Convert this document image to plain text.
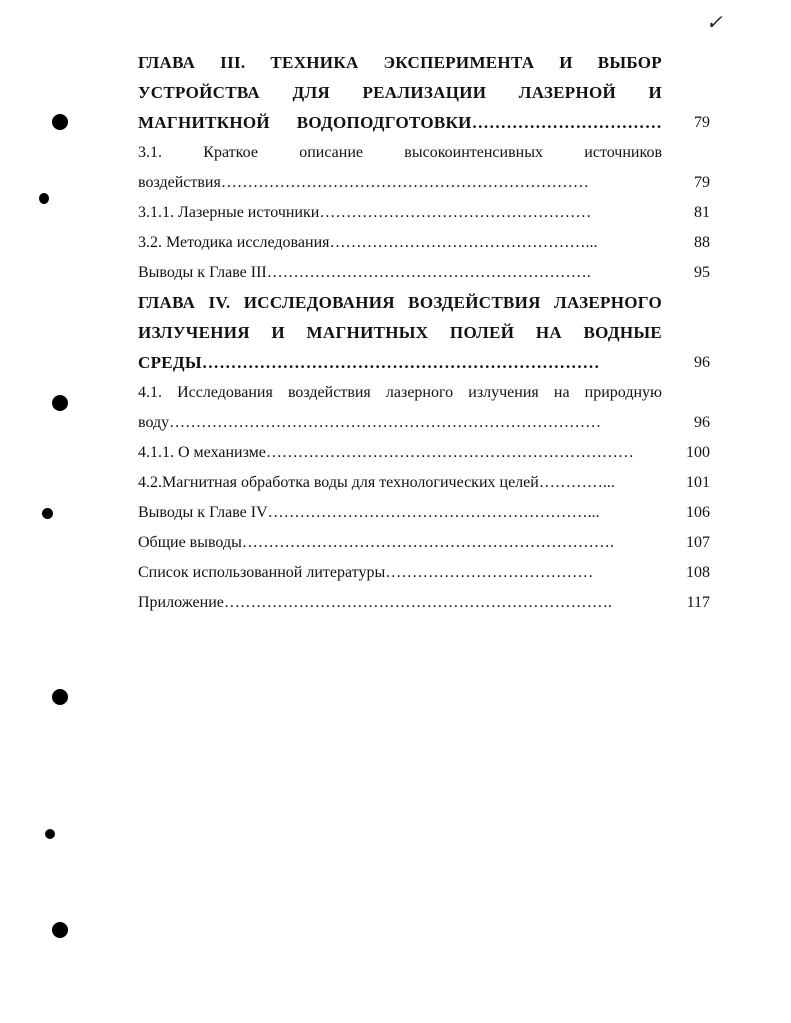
✓
ГЛАВА III. ТЕХНИКА ЭКСПЕРИМЕНТА И ВЫБОР
УСТРОЙСТВА ДЛЯ РЕАЛИЗАЦИИ ЛАЗЕРНОЙ И
МАГНИТКНОЙ ВОДОПОДГОТОВКИ……………………………	79
3.1. Краткое описание высокоинтенсивных источников
воздействия……………………………………………………………	79
3.1.1. Лазерные источники……………………………………………	81
3.2. Методика исследования…………………………………………...	88
Выводы к Главе III…………………………………………………….	95
ГЛАВА IV. ИССЛЕДОВАНИЯ ВОЗДЕЙСТВИЯ ЛАЗЕРНОГО
ИЗЛУЧЕНИЯ И МАГНИТНЫХ ПОЛЕЙ НА ВОДНЫЕ
СРЕДЫ……………………………………………………………	96
4.1. Исследования воздействия лазерного излучения на природную
воду………………………………………………………………………	96
4.1.1. О механизме……………………………………………………………	100
4.2.Магнитная обработка воды для технологических целей…………...	101
Выводы к Главе IV……………………………………………………...	106
Общие выводы…………………………………………………………….	107
Список использованной литературы…………………………………	108
Приложение……………………………………………………………….	117
